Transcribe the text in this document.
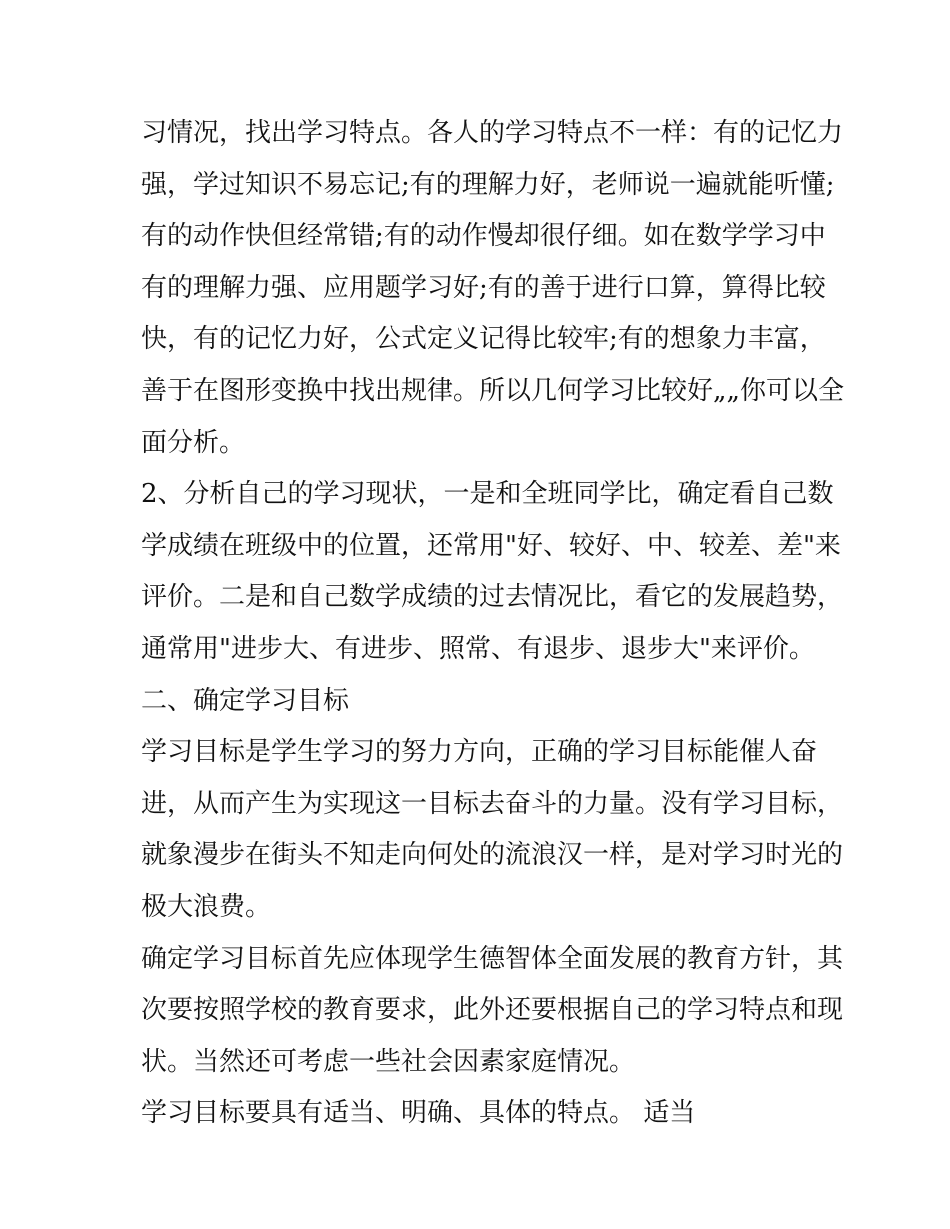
习情况，找出学习特点。各人的学习特点不一样：有的记忆力
强，学过知识不易忘记;有的理解力好，老师说一遍就能听懂;
有的动作快但经常错;有的动作慢却很仔细。如在数学学习中
有的理解力强、应用题学习好;有的善于进行口算，算得比较
快，有的记忆力好，公式定义记得比较牢;有的想象力丰富，
善于在图形变换中找出规律。所以几何学习比较好„„你可以全
面分析。
2、分析自己的学习现状，一是和全班同学比，确定看自己数
学成绩在班级中的位置，还常用"好、较好、中、较差、差"来
评价。二是和自己数学成绩的过去情况比，看它的发展趋势，
通常用"进步大、有进步、照常、有退步、退步大"来评价。
二、确定学习目标
学习目标是学生学习的努力方向，正确的学习目标能催人奋
进，从而产生为实现这一目标去奋斗的力量。没有学习目标，
就象漫步在街头不知走向何处的流浪汉一样，是对学习时光的
极大浪费。
确定学习目标首先应体现学生德智体全面发展的教育方针，其
次要按照学校的教育要求，此外还要根据自己的学习特点和现
状。当然还可考虑一些社会因素家庭情况。
学习目标要具有适当、明确、具体的特点。 适当
